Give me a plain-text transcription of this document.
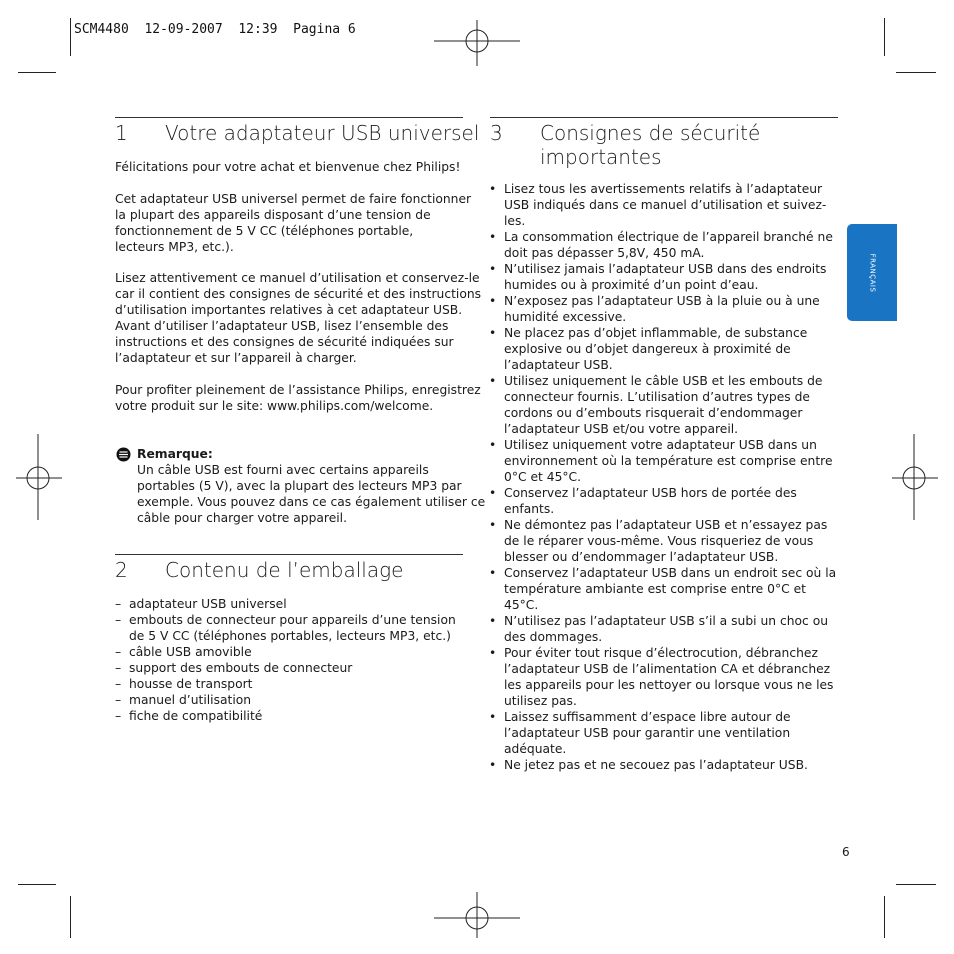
SCM4480  12-09-2007  12:39  Pagina 6
1 Votre adaptateur USB universel

Félicitations pour votre achat et bienvenue chez Philips!

Cet adaptateur USB universel permet de faire fonctionner
la plupart des appareils disposant d’une tension de
fonctionnement de 5 V CC (téléphones portable,
lecteurs MP3, etc.).
Lisez attentivement ce manuel d’utilisation et conservez-le
car il contient des consignes de sécurité et des instructions
d’utilisation importantes relatives à cet adaptateur USB.
Avant d’utiliser l’adaptateur USB, lisez l’ensemble des
instructions et des consignes de sécurité indiquées sur
l’adaptateur et sur l’appareil à charger.
Pour profiter pleinement de l’assistance Philips, enregistrez
votre produit sur le site: www.philips.com/welcome.
Remarque:
Un câble USB est fourni avec certains appareils
portables (5 V), avec la plupart des lecteurs MP3 par
exemple. Vous pouvez dans ce cas également utiliser ce
câble pour charger votre appareil.
2 Contenu de l’emballage
– adaptateur USB universel
– embouts de connecteur pour appareils d’une tension de 5 V CC (téléphones portables, lecteurs MP3, etc.)
– câble USB amovible
– support des embouts de connecteur
– housse de transport
– manuel d’utilisation
– fiche de compatibilité
3 Consignes de sécurité
importantes
• Lisez tous les avertissements relatifs à l’adaptateur USB indiqués dans ce manuel d’utilisation et suivez-les.
• La consommation électrique de l’appareil branché ne doit pas dépasser 5,8V, 450 mA.
• N’utilisez jamais l’adaptateur USB dans des endroits humides ou à proximité d’un point d’eau.
• N’exposez pas l’adaptateur USB à la pluie ou à une humidité excessive.
• Ne placez pas d’objet inflammable, de substance explosive ou d’objet dangereux à proximité de l’adaptateur USB.
• Utilisez uniquement le câble USB et les embouts de connecteur fournis. L’utilisation d’autres types de cordons ou d’embouts risquerait d’endommager l’adaptateur USB et/ou votre appareil.
• Utilisez uniquement votre adaptateur USB dans un environnement où la température est comprise entre 0°C et 45°C.
• Conservez l’adaptateur USB hors de portée des enfants.
• Ne démontez pas l’adaptateur USB et n’essayez pas de le réparer vous-même. Vous risqueriez de vous blesser ou d’endommager l’adaptateur USB.
• Conservez l’adaptateur USB dans un endroit sec où la température ambiante est comprise entre 0°C et 45°C.
• N’utilisez pas l’adaptateur USB s’il a subi un choc ou des dommages.
• Pour éviter tout risque d’électrocution, débranchez l’adaptateur USB de l’alimentation CA et débranchez les appareils pour les nettoyer ou lorsque vous ne les utilisez pas.
• Laissez suffisamment d’espace libre autour de l’adaptateur USB pour garantir une ventilation adéquate.
• Ne jetez pas et ne secouez pas l’adaptateur USB.
FRANÇAIS
6
